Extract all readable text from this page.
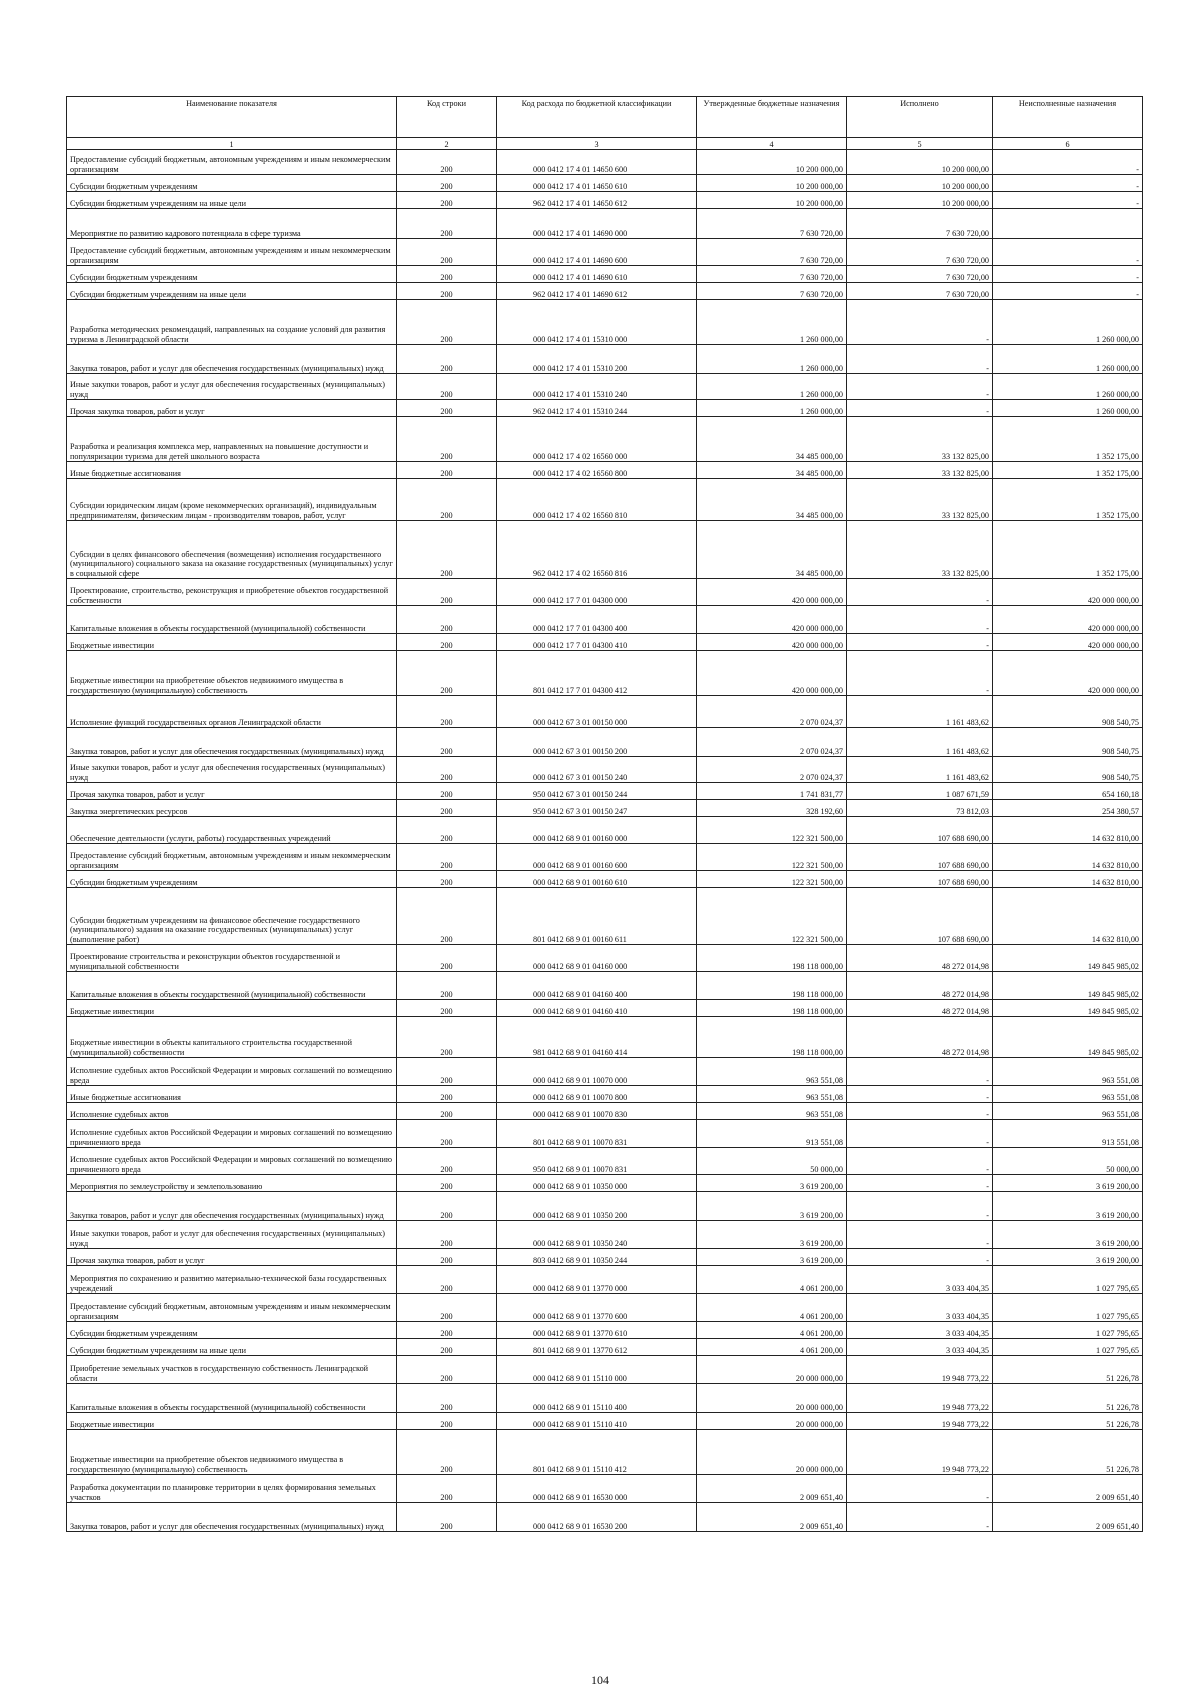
Наименование показателя	Код строки	Код расхода по бюджетной классификации	Утвержденные бюджетные назначения	Исполнено	Неисполненные назначения
1	2	3	4	5	6
Предоставление субсидий бюджетным, автономным учреждениям и иным некоммерческим организациям	200	000 0412 17 4 01 14650 600	10 200 000,00	10 200 000,00	-
Субсидии бюджетным учреждениям	200	000 0412 17 4 01 14650 610	10 200 000,00	10 200 000,00	-
Субсидии бюджетным учреждениям на иные цели	200	962 0412 17 4 01 14650 612	10 200 000,00	10 200 000,00	-
Мероприятие по развитию кадрового потенциала в сфере туризма	200	000 0412 17 4 01 14690 000	7 630 720,00	7 630 720,00	
Предоставление субсидий бюджетным, автономным учреждениям и иным некоммерческим организациям	200	000 0412 17 4 01 14690 600	7 630 720,00	7 630 720,00	-
Субсидии бюджетным учреждениям	200	000 0412 17 4 01 14690 610	7 630 720,00	7 630 720,00	-
Субсидии бюджетным учреждениям на иные цели	200	962 0412 17 4 01 14690 612	7 630 720,00	7 630 720,00	-
Разработка методических рекомендаций, направленных на создание условий для развития туризма в Ленинградской области	200	000 0412 17 4 01 15310 000	1 260 000,00	-	1 260 000,00
Закупка товаров, работ и услуг для обеспечения государственных (муниципальных) нужд	200	000 0412 17 4 01 15310 200	1 260 000,00	-	1 260 000,00
Иные закупки товаров, работ и услуг для обеспечения государственных (муниципальных) нужд	200	000 0412 17 4 01 15310 240	1 260 000,00	-	1 260 000,00
Прочая закупка товаров, работ и услуг	200	962 0412 17 4 01 15310 244	1 260 000,00	-	1 260 000,00
Разработка и реализация комплекса мер, направленных на повышение доступности и популяризации туризма для детей школьного возраста	200	000 0412 17 4 02 16560 000	34 485 000,00	33 132 825,00	1 352 175,00
Иные бюджетные ассигнования	200	000 0412 17 4 02 16560 800	34 485 000,00	33 132 825,00	1 352 175,00
Субсидии юридическим лицам (кроме некоммерческих организаций), индивидуальным предпринимателям, физическим лицам - производителям товаров, работ, услуг	200	000 0412 17 4 02 16560 810	34 485 000,00	33 132 825,00	1 352 175,00
Субсидии в целях финансового обеспечения (возмещения) исполнения государственного (муниципального) социального заказа на оказание государственных (муниципальных) услуг в социальной сфере	200	962 0412 17 4 02 16560 816	34 485 000,00	33 132 825,00	1 352 175,00
Проектирование, строительство, реконструкция и приобретение объектов государственной собственности	200	000 0412 17 7 01 04300 000	420 000 000,00	-	420 000 000,00
Капитальные вложения в объекты государственной (муниципальной) собственности	200	000 0412 17 7 01 04300 400	420 000 000,00	-	420 000 000,00
Бюджетные инвестиции	200	000 0412 17 7 01 04300 410	420 000 000,00	-	420 000 000,00
Бюджетные инвестиции на приобретение объектов недвижимого имущества в государственную (муниципальную) собственность	200	801 0412 17 7 01 04300 412	420 000 000,00	-	420 000 000,00
Исполнение функций государственных органов Ленинградской области	200	000 0412 67 3 01 00150 000	2 070 024,37	1 161 483,62	908 540,75
Закупка товаров, работ и услуг для обеспечения государственных (муниципальных) нужд	200	000 0412 67 3 01 00150 200	2 070 024,37	1 161 483,62	908 540,75
Иные закупки товаров, работ и услуг для обеспечения государственных (муниципальных) нужд	200	000 0412 67 3 01 00150 240	2 070 024,37	1 161 483,62	908 540,75
Прочая закупка товаров, работ и услуг	200	950 0412 67 3 01 00150 244	1 741 831,77	1 087 671,59	654 160,18
Закупка энергетических ресурсов	200	950 0412 67 3 01 00150 247	328 192,60	73 812,03	254 380,57
Обеспечение деятельности (услуги, работы) государственных учреждений	200	000 0412 68 9 01 00160 000	122 321 500,00	107 688 690,00	14 632 810,00
Предоставление субсидий бюджетным, автономным учреждениям и иным некоммерческим организациям	200	000 0412 68 9 01 00160 600	122 321 500,00	107 688 690,00	14 632 810,00
Субсидии бюджетным учреждениям	200	000 0412 68 9 01 00160 610	122 321 500,00	107 688 690,00	14 632 810,00
Субсидии бюджетным учреждениям на финансовое обеспечение государственного (муниципального) задания на оказание государственных (муниципальных) услуг (выполнение работ)	200	801 0412 68 9 01 00160 611	122 321 500,00	107 688 690,00	14 632 810,00
Проектирование строительства и реконструкции объектов государственной и муниципальной собственности	200	000 0412 68 9 01 04160 000	198 118 000,00	48 272 014,98	149 845 985,02
Капитальные вложения в объекты государственной (муниципальной) собственности	200	000 0412 68 9 01 04160 400	198 118 000,00	48 272 014,98	149 845 985,02
Бюджетные инвестиции	200	000 0412 68 9 01 04160 410	198 118 000,00	48 272 014,98	149 845 985,02
Бюджетные инвестиции в объекты капитального строительства государственной (муниципальной) собственности	200	981 0412 68 9 01 04160 414	198 118 000,00	48 272 014,98	149 845 985,02
Исполнение судебных актов Российской Федерации и мировых соглашений по возмещению вреда	200	000 0412 68 9 01 10070 000	963 551,08	-	963 551,08
Иные бюджетные ассигнования	200	000 0412 68 9 01 10070 800	963 551,08	-	963 551,08
Исполнение судебных актов	200	000 0412 68 9 01 10070 830	963 551,08	-	963 551,08
Исполнение судебных актов Российской Федерации и мировых соглашений по возмещению причиненного вреда	200	801 0412 68 9 01 10070 831	913 551,08	-	913 551,08
Исполнение судебных актов Российской Федерации и мировых соглашений по возмещению причиненного вреда	200	950 0412 68 9 01 10070 831	50 000,00	-	50 000,00
Мероприятия по землеустройству и землепользованию	200	000 0412 68 9 01 10350 000	3 619 200,00	-	3 619 200,00
Закупка товаров, работ и услуг для обеспечения государственных (муниципальных) нужд	200	000 0412 68 9 01 10350 200	3 619 200,00	-	3 619 200,00
Иные закупки товаров, работ и услуг для обеспечения государственных (муниципальных) нужд	200	000 0412 68 9 01 10350 240	3 619 200,00	-	3 619 200,00
Прочая закупка товаров, работ и услуг	200	803 0412 68 9 01 10350 244	3 619 200,00	-	3 619 200,00
Мероприятия по сохранению и развитию материально-технической базы государственных учреждений	200	000 0412 68 9 01 13770 000	4 061 200,00	3 033 404,35	1 027 795,65
Предоставление субсидий бюджетным, автономным учреждениям и иным некоммерческим организациям	200	000 0412 68 9 01 13770 600	4 061 200,00	3 033 404,35	1 027 795,65
Субсидии бюджетным учреждениям	200	000 0412 68 9 01 13770 610	4 061 200,00	3 033 404,35	1 027 795,65
Субсидии бюджетным учреждениям на иные цели	200	801 0412 68 9 01 13770 612	4 061 200,00	3 033 404,35	1 027 795,65
Приобретение земельных участков в государственную собственность Ленинградской области	200	000 0412 68 9 01 15110 000	20 000 000,00	19 948 773,22	51 226,78
Капитальные вложения в объекты государственной (муниципальной) собственности	200	000 0412 68 9 01 15110 400	20 000 000,00	19 948 773,22	51 226,78
Бюджетные инвестиции	200	000 0412 68 9 01 15110 410	20 000 000,00	19 948 773,22	51 226,78
Бюджетные инвестиции на приобретение объектов недвижимого имущества в государственную (муниципальную) собственность	200	801 0412 68 9 01 15110 412	20 000 000,00	19 948 773,22	51 226,78
Разработка документации по планировке территории в целях формирования земельных участков	200	000 0412 68 9 01 16530 000	2 009 651,40	-	2 009 651,40
Закупка товаров, работ и услуг для обеспечения государственных (муниципальных) нужд	200	000 0412 68 9 01 16530 200	2 009 651,40	-	2 009 651,40
104
